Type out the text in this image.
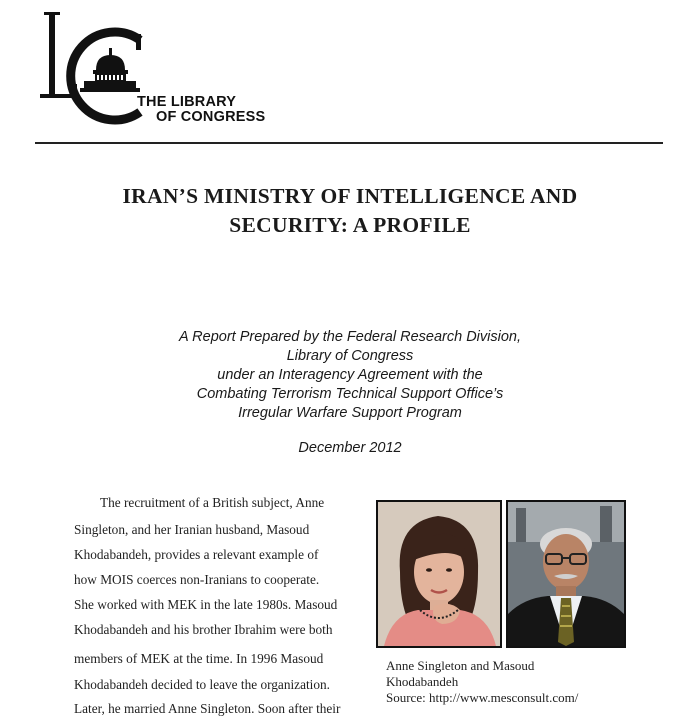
THE LIBRARY
OF CONGRESS
IRAN’S MINISTRY OF INTELLIGENCE AND
SECURITY: A PROFILE
A Report Prepared by the Federal Research Division,
Library of Congress
under an Interagency Agreement with the
Combating Terrorism Technical Support Office’s
Irregular Warfare Support Program
December 2012
The recruitment of a British subject, Anne
Singleton, and her Iranian husband, Masoud
Khodabandeh, provides a relevant example of
how MOIS coerces non-Iranians to cooperate.
She worked with MEK in the late 1980s. Masoud
Khodabandeh and his brother Ibrahim were both
members of MEK at the time. In 1996 Masoud
Khodabandeh decided to leave the organization.
Later, he married Anne Singleton. Soon after their
Anne Singleton and Masoud
Khodabandeh
Source: http://www.mesconsult.com/
